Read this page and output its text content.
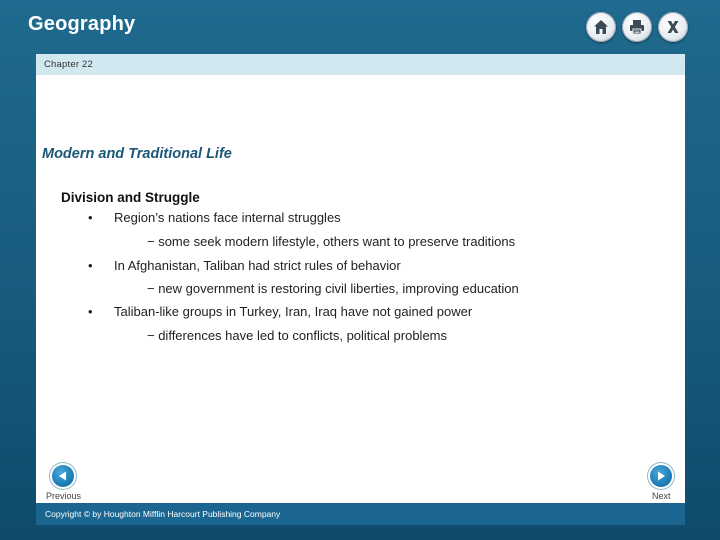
Geography
Chapter 22
Modern and Traditional Life
Division and Struggle
• Region’s nations face internal struggles
− some seek modern lifestyle, others want to preserve traditions
• In Afghanistan, Taliban had strict rules of behavior
− new government is restoring civil liberties, improving education
• Taliban-like groups in Turkey, Iran, Iraq have not gained power
− differences have led to conflicts, political problems
Previous	Next
Copyright © by Houghton Mifflin Harcourt Publishing Company
